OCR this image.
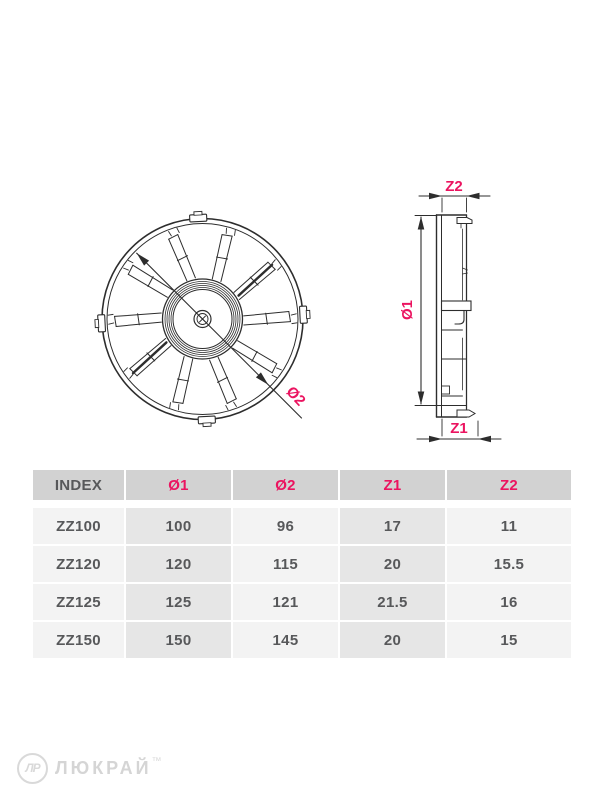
Ø2
Z2
Ø1
Z1
INDEX	Ø1	Ø2	Z1	Z2
ZZ100	100	96	17	11
ZZ120	120	115	20	15.5
ZZ125	125	121	21.5	16
ZZ150	150	145	20	15
ЛР ЛЮКРАЙ ™
